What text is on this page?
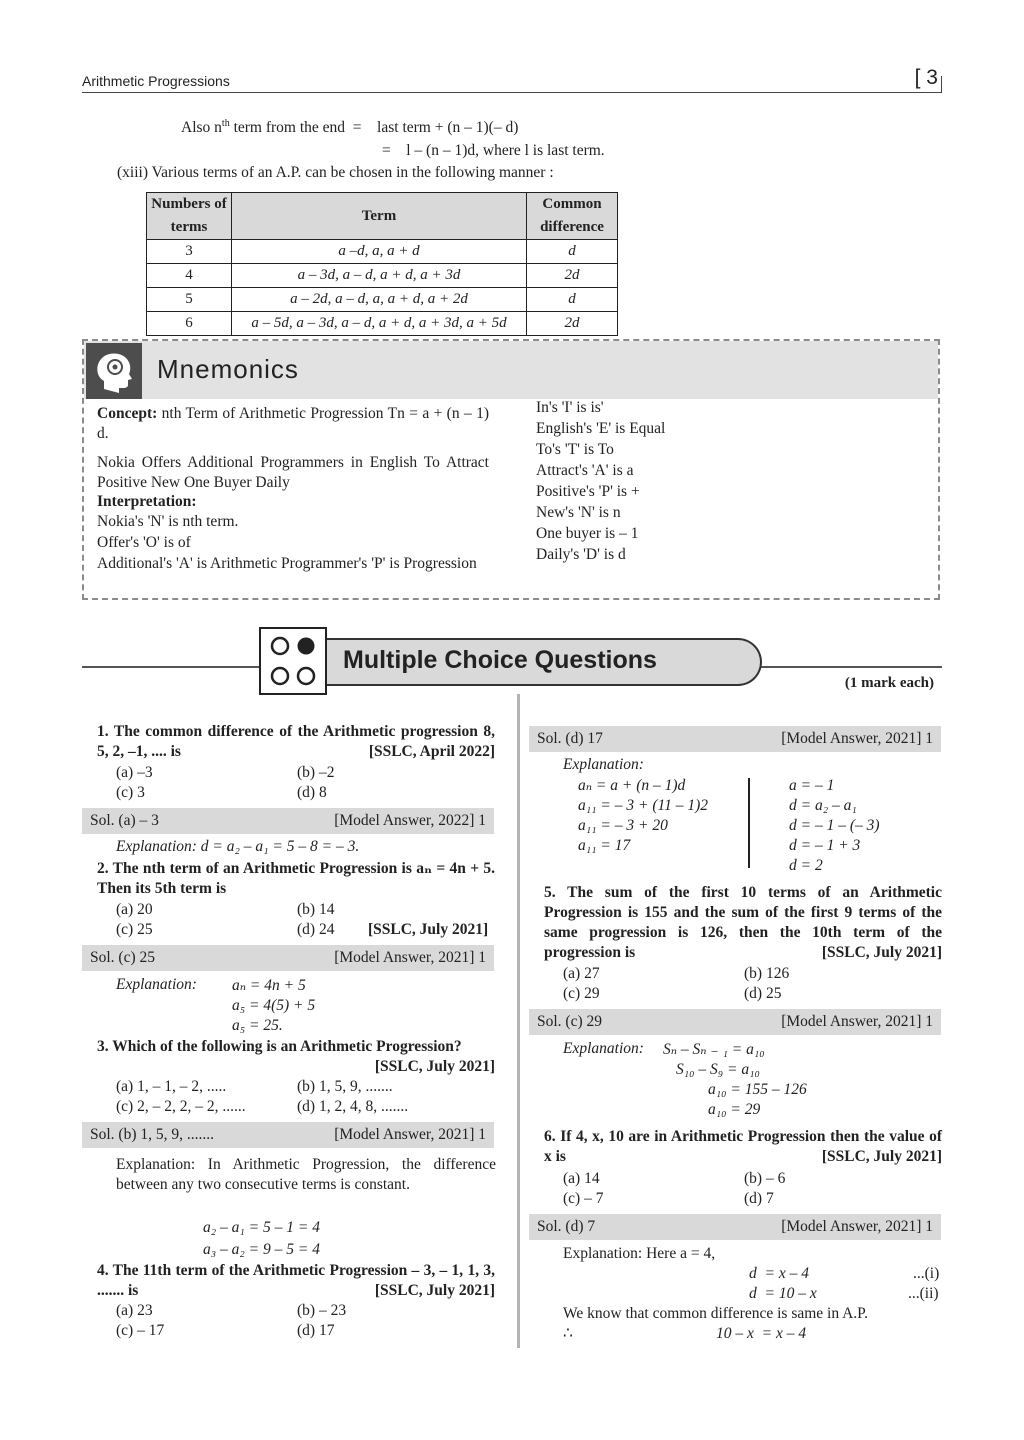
Arithmetic Progressions	[ 3
Also $n^{th}$ term from the end  =    last term + (n – 1)(– d)
=    l – (n – 1)d, where l is last term.
(xiii) Various terms of an A.P. can be chosen in the following manner :
Numbers of terms	Term	Common difference
3	a –d, a, a + d	d
4	a – 3d, a – d, a + d, a + 3d	2d
5	a – 2d, a – d, a, a + d, a + 2d	d
6	a – 5d, a – 3d, a – d, a + d, a + 3d, a + 5d	2d
Mnemonics
Concept: nth Term of Arithmetic Progression Tn = a + (n – 1) d.
Nokia Offers Additional Programmers in English To Attract Positive New One Buyer Daily
Interpretation:
Nokia's 'N' is nth term.
Offer's 'O' is of
Additional's 'A' is Arithmetic Programmer's 'P' is Progression
In's 'I' is is'
English's 'E' is Equal
To's 'T' is To
Attract's 'A' is a
Positive's 'P' is +
New's 'N' is n
One buyer is – 1
Daily's 'D' is d
Multiple Choice Questions
(1 mark each)
1. The common difference of the Arithmetic progression 8, 5, 2, –1, .... is	[SSLC, April 2022]
(a) –3	(b) –2
(c) 3	(d) 8
Sol. (a) – 3	[Model Answer, 2022] 1
Explanation: d = a₂ – a₁ = 5 – 8 = – 3.
2. The nth term of an Arithmetic Progression is aₙ = 4n + 5. Then its 5th term is
(a) 20	(b) 14
(c) 25	(d) 24 [SSLC, July 2021]
Sol. (c) 25	[Model Answer, 2021] 1
Explanation: aₙ = 4n + 5
a₅ = 4(5) + 5
a₅ = 25.
3. Which of the following is an Arithmetic Progression?
[SSLC, July 2021]
(a) 1, – 1, – 2, .....	(b) 1, 5, 9, .......
(c) 2, – 2, 2, – 2, ......	(d) 1, 2, 4, 8, .......
Sol. (b) 1, 5, 9, .......	[Model Answer, 2021] 1
Explanation: In Arithmetic Progression, the difference between any two consecutive terms is constant.
a₂ – a₁ = 5 – 1 = 4
a₃ – a₂ = 9 – 5 = 4
4. The 11th term of the Arithmetic Progression – 3, – 1, 1, 3, ....... is	[SSLC, July 2021]
(a) 23	(b) – 23
(c) – 17	(d) 17
Sol. (d) 17	[Model Answer, 2021] 1
Explanation:
aₙ = a + (n – 1)d
a₁₁ = – 3 + (11 – 1)2
a₁₁ = – 3 + 20
a₁₁ = 17
a = – 1
d = a₂ – a₁
d = – 1 – (– 3)
d = – 1 + 3
d = 2
5. The sum of the first 10 terms of an Arithmetic Progression is 155 and the sum of the first 9 terms of the same progression is 126, then the 10th term of the progression is	[SSLC, July 2021]
(a) 27	(b) 126
(c) 29	(d) 25
Sol. (c) 29	[Model Answer, 2021] 1
Explanation: Sₙ – Sₙ ₋ ₁ = a₁₀
S₁₀ – S₉ = a₁₀
a₁₀ = 155 – 126
a₁₀ = 29
6. If 4, x, 10 are in Arithmetic Progression then the value of x is	[SSLC, July 2021]
(a) 14	(b) – 6
(c) – 7	(d) 7
Sol. (d) 7	[Model Answer, 2021] 1
Explanation: Here a = 4,
d  = x – 4	...(i)
d  = 10 – x	...(ii)
We know that common difference is same in A.P.
∴	10 – x  = x – 4
